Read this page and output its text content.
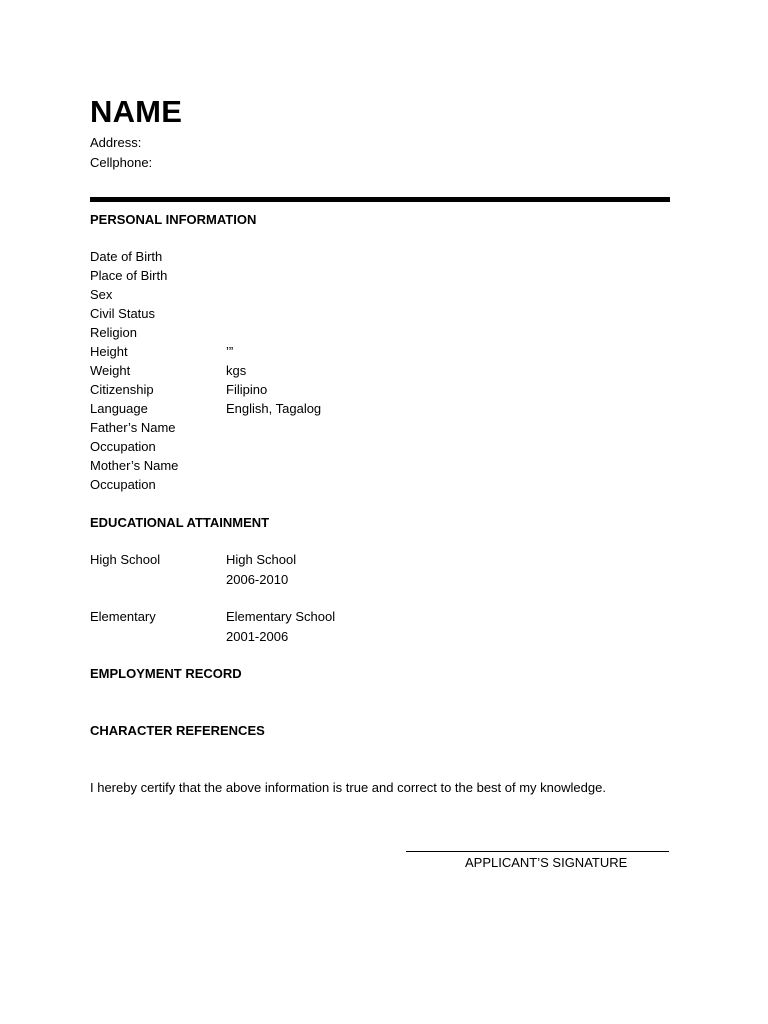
NAME
Address:
Cellphone:
PERSONAL INFORMATION
Date of Birth
Place of Birth
Sex
Civil Status
Religion
Height	’”
Weight	kgs
Citizenship	Filipino
Language	English, Tagalog
Father’s Name
Occupation
Mother’s Name
Occupation
EDUCATIONAL ATTAINMENT
High School	High School
2006-2010
Elementary	Elementary School
2001-2006
EMPLOYMENT RECORD
CHARACTER REFERENCES
I hereby certify that the above information is true and correct to the best of my knowledge.
APPLICANT’S SIGNATURE
